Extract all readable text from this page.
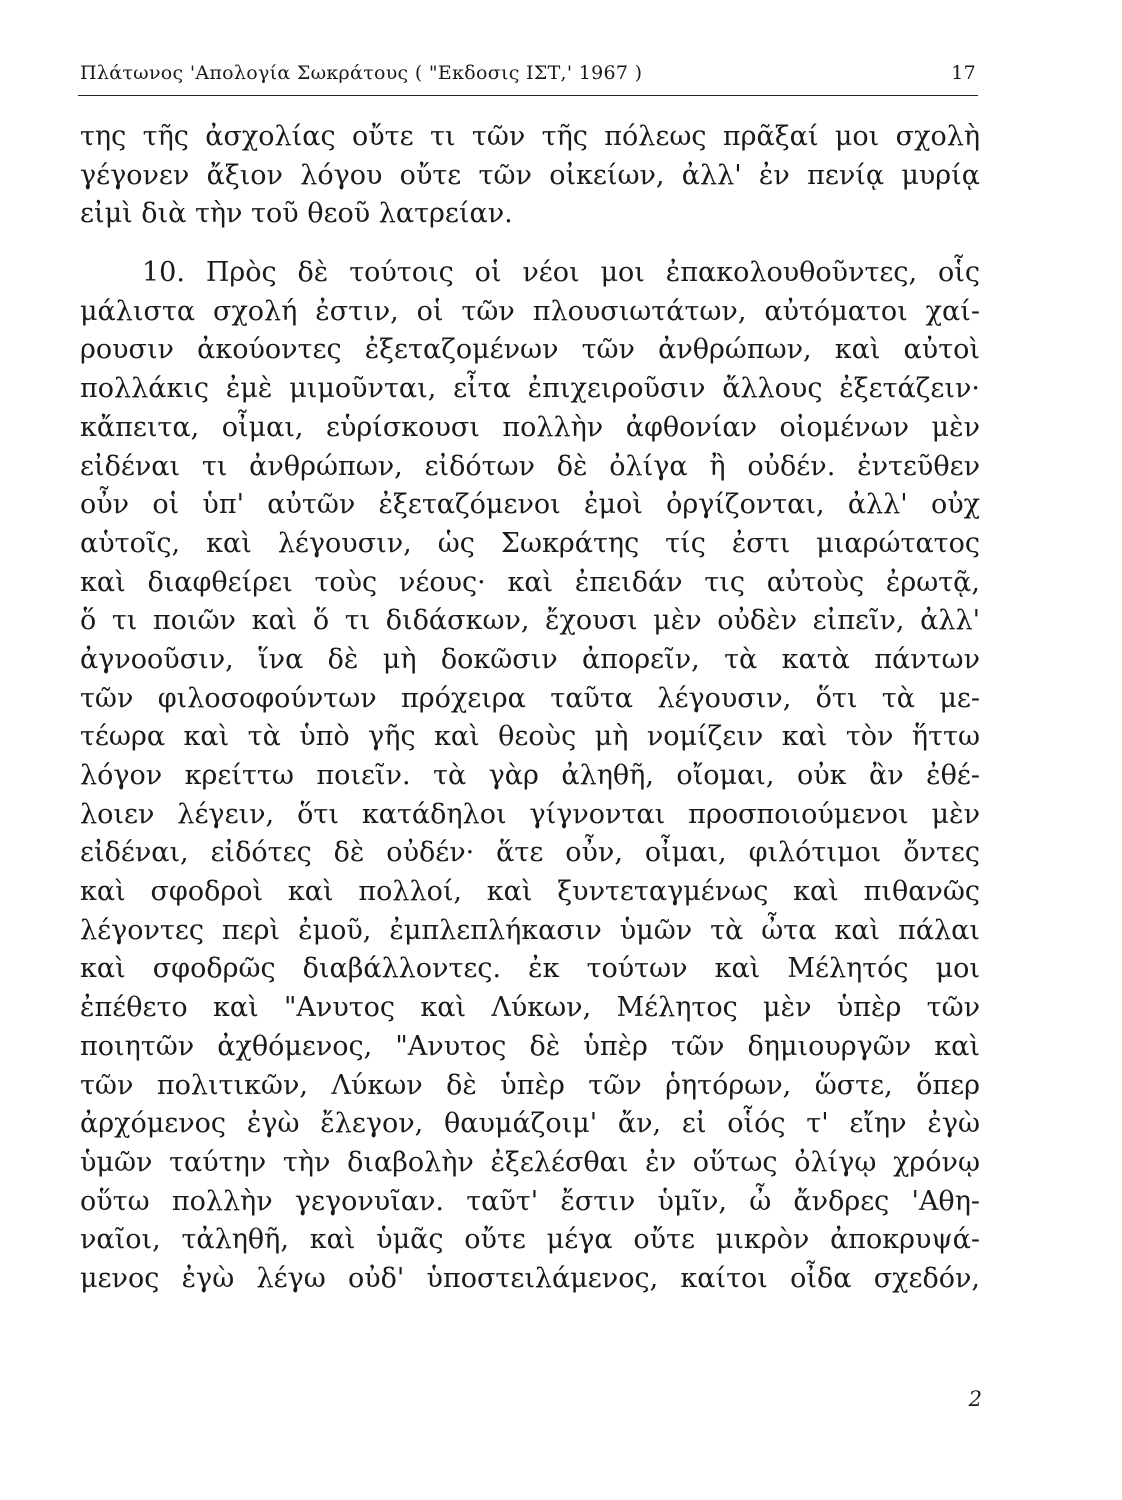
Πλάτωνος 'Απολογία Σωκράτους ( "Εκδοσις ΙΣΤ,' 1967 )	17
της τῆς ἀσχολίας οὔτε τι τῶν τῆς πόλεως πρᾶξαί μοι σχολὴ
γέγονεν ἄξιον λόγου οὔτε τῶν οἰκείων, ἀλλ' ἐν πενίᾳ μυρίᾳ
εἰμὶ διὰ τὴν τοῦ θεοῦ λατρείαν.
10. Πρὸς δὲ τούτοις οἱ νέοι μοι ἐπακολουθοῦντες, οἷς
μάλιστα σχολή ἐστιν, οἱ τῶν πλουσιωτάτων, αὐτόματοι χαί-
ρουσιν ἀκούοντες ἐξεταζομένων τῶν ἀνθρώπων, καὶ αὐτοὶ
πολλάκις ἐμὲ μιμοῦνται, εἶτα ἐπιχειροῦσιν ἄλλους ἐξετάζειν·
κἄπειτα, οἶμαι, εὑρίσκουσι πολλὴν ἀφθονίαν οἰομένων μὲν
εἰδέναι τι ἀνθρώπων, εἰδότων δὲ ὀλίγα ἢ οὐδέν. ἐντεῦθεν
οὖν οἱ ὑπ' αὐτῶν ἐξεταζόμενοι ἐμοὶ ὀργίζονται, ἀλλ' οὐχ
αὑτοῖς, καὶ λέγουσιν, ὡς Σωκράτης τίς ἐστι μιαρώτατος
καὶ διαφθείρει τοὺς νέους· καὶ ἐπειδάν τις αὐτοὺς ἐρωτᾷ,
ὅ τι ποιῶν καὶ ὅ τι διδάσκων, ἔχουσι μὲν οὐδὲν εἰπεῖν, ἀλλ'
ἀγνοοῦσιν, ἵνα δὲ μὴ δοκῶσιν ἀπορεῖν, τὰ κατὰ πάντων
τῶν φιλοσοφούντων πρόχειρα ταῦτα λέγουσιν, ὅτι τὰ με-
τέωρα καὶ τὰ ὑπὸ γῆς καὶ θεοὺς μὴ νομίζειν καὶ τὸν ἥττω
λόγον κρείττω ποιεῖν. τὰ γὰρ ἀληθῆ, οἴομαι, οὐκ ἂν ἐθέ-
λοιεν λέγειν, ὅτι κατάδηλοι γίγνονται προσποιούμενοι μὲν
εἰδέναι, εἰδότες δὲ οὐδέν· ἅτε οὖν, οἶμαι, φιλότιμοι ὄντες
καὶ σφοδροὶ καὶ πολλοί, καὶ ξυντεταγμένως καὶ πιθανῶς
λέγοντες περὶ ἐμοῦ, ἐμπλεπλήκασιν ὑμῶν τὰ ὦτα καὶ πάλαι
καὶ σφοδρῶς διαβάλλοντες. ἐκ τούτων καὶ Μέλητός μοι
ἐπέθετο καὶ "Ανυτος καὶ Λύκων, Μέλητος μὲν ὑπὲρ τῶν
ποιητῶν ἀχθόμενος, "Ανυτος δὲ ὑπὲρ τῶν δημιουργῶν καὶ
τῶν πολιτικῶν, Λύκων δὲ ὑπὲρ τῶν ῥητόρων, ὥστε, ὅπερ
ἀρχόμενος ἐγὼ ἔλεγον, θαυμάζοιμ' ἄν, εἰ οἷός τ' εἴην ἐγὼ
ὑμῶν ταύτην τὴν διαβολὴν ἐξελέσθαι ἐν οὕτως ὀλίγῳ χρόνῳ
οὕτω πολλὴν γεγονυῖαν. ταῦτ' ἔστιν ὑμῖν, ὦ ἄνδρες 'Αθη-
ναῖοι, τἀληθῆ, καὶ ὑμᾶς οὔτε μέγα οὔτε μικρὸν ἀποκρυψά-
μενος ἐγὼ λέγω οὐδ' ὑποστειλάμενος, καίτοι οἶδα σχεδόν,
2
